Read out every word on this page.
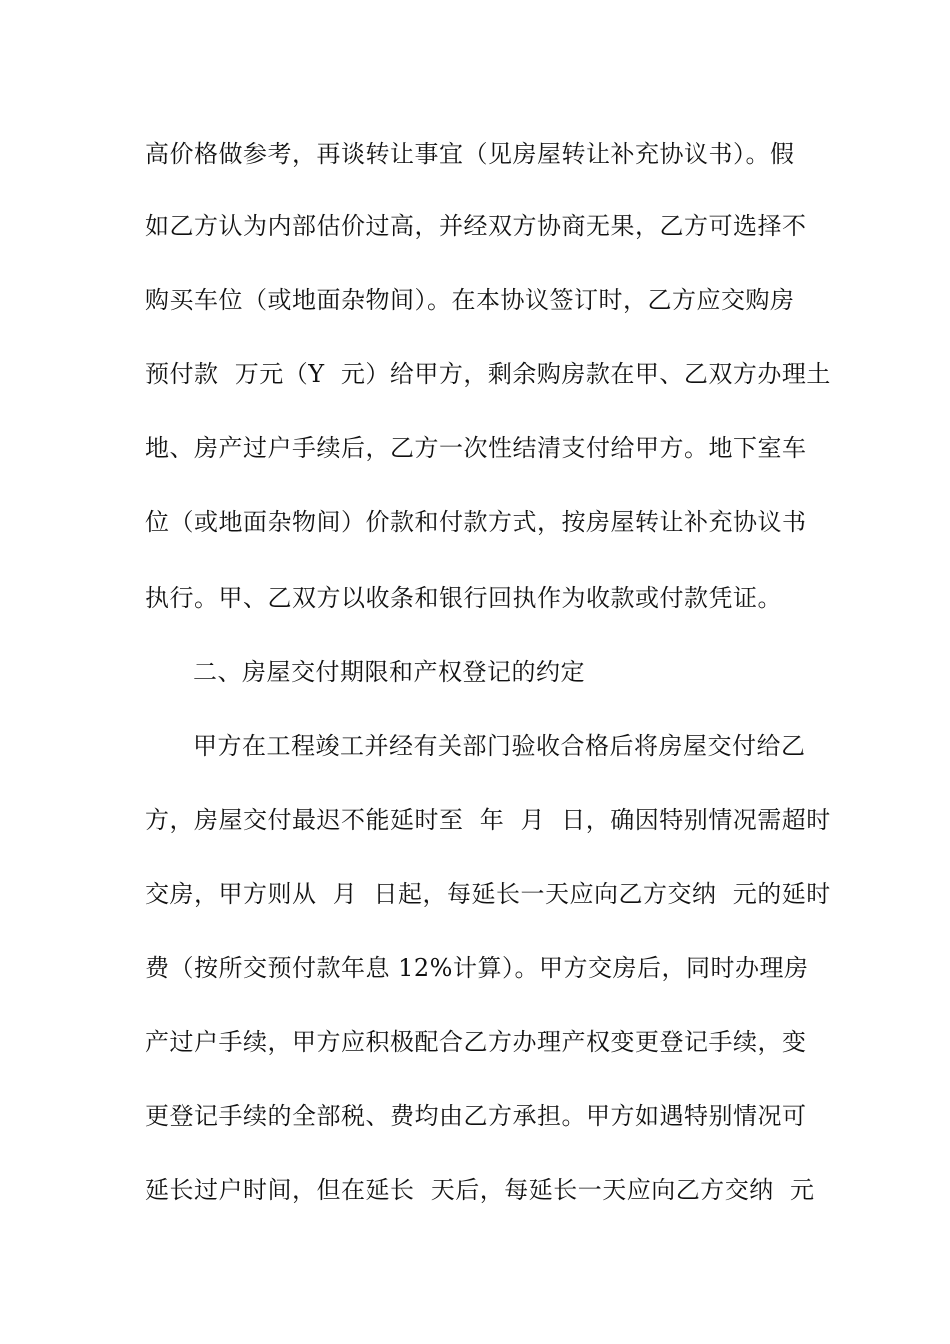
高价格做参考，再谈转让事宜（见房屋转让补充协议书）。假
如乙方认为内部估价过高，并经双方协商无果，乙方可选择不
购买车位（或地面杂物间）。在本协议签订时，乙方应交购房
预付款  万元（Y  元）给甲方，剩余购房款在甲、乙双方办理土
地、房产过户手续后，乙方一次性结清支付给甲方。地下室车
位（或地面杂物间）价款和付款方式，按房屋转让补充协议书
执行。甲、乙双方以收条和银行回执作为收款或付款凭证。
二、房屋交付期限和产权登记的约定
甲方在工程竣工并经有关部门验收合格后将房屋交付给乙
方，房屋交付最迟不能延时至  年  月  日，确因特别情况需超时
交房，甲方则从  月  日起，每延长一天应向乙方交纳  元的延时
费（按所交预付款年息 12%计算）。甲方交房后，同时办理房
产过户手续，甲方应积极配合乙方办理产权变更登记手续，变
更登记手续的全部税、费均由乙方承担。甲方如遇特别情况可
延长过户时间，但在延长  天后，每延长一天应向乙方交纳  元
